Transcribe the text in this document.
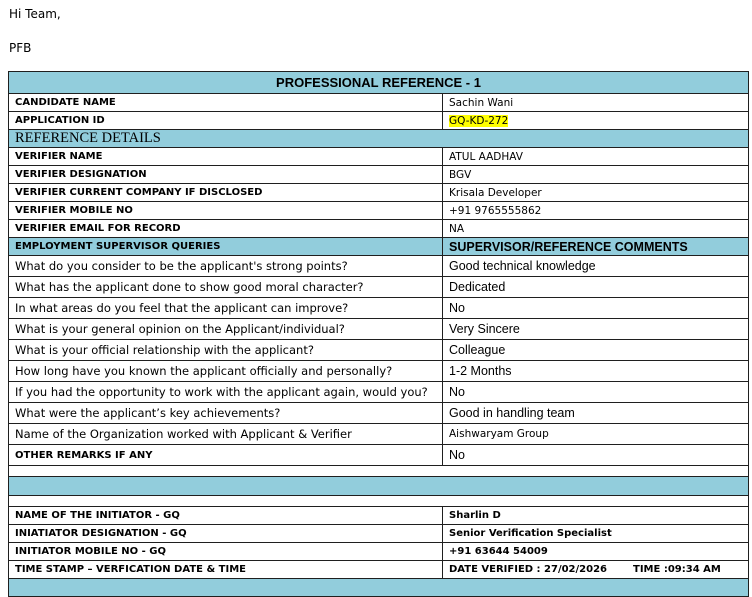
Hi Team,
PFB
PROFESSIONAL REFERENCE - 1	
CANDIDATE NAME	Sachin Wani
APPLICATION ID	GQ-KD-272
REFERENCE DETAILS	
VERIFIER NAME	ATUL AADHAV
VERIFIER DESIGNATION	BGV
VERIFIER CURRENT COMPANY IF DISCLOSED	Krisala Developer
VERIFIER MOBILE NO	+91 9765555862
VERIFIER EMAIL FOR RECORD	NA
EMPLOYMENT SUPERVISOR QUERIES	SUPERVISOR/REFERENCE COMMENTS
What do you consider to be the applicant's strong points?	Good technical knowledge
What has the applicant done to show good moral character?	Dedicated
In what areas do you feel that the applicant can improve?	No
What is your general opinion on the Applicant/individual?	Very Sincere
What is your official relationship with the applicant?	Colleague
How long have you known the applicant officially and personally?	1-2 Months
If you had the opportunity to work with the applicant again, would you?	No
What were the applicant’s key achievements?	Good in handling team
Name of the Organization worked with Applicant & Verifier	Aishwaryam Group
OTHER REMARKS IF ANY	No

NAME OF THE INITIATOR - GQ	Sharlin D
INIATIATOR DESIGNATION - GQ	Senior Verification Specialist
INITIATOR MOBILE NO - GQ	+91 63644 54009
TIME STAMP – VERFICATION DATE & TIME	DATE VERIFIED : 27/02/2026 TIME :09:34 AM
